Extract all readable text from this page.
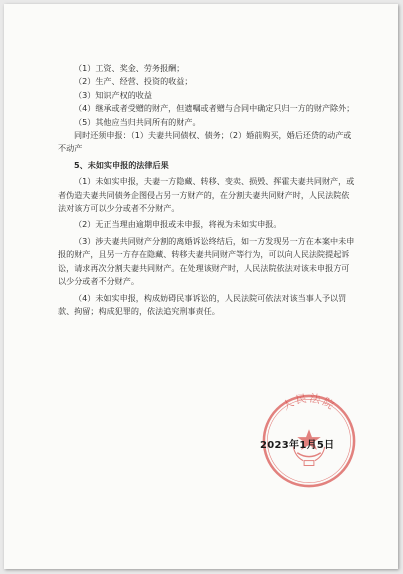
（1）工资、奖金、劳务报酬；

（2）生产、经营、投资的收益；

（3）知识产权的收益

（4）继承或者受赠的财产，但遗嘱或者赠与合同中确定只归一方的财产除外；

（5）其他应当归共同所有的财产。

同时还须申报：（1）夫妻共同债权、债务；（2）婚前购买，婚后还贷的动产或不动产

5、未如实申报的法律后果

（1）未如实申报，夫妻一方隐藏、转移、变卖、损毁、挥霍夫妻共同财产，或者伪造夫妻共同债务企图侵占另一方财产的，在分割夫妻共同财产时，人民法院依法对该方可以少分或者不分财产。

（2）无正当理由逾期申报或未申报，将视为未如实申报。

（3）涉夫妻共同财产分割的离婚诉讼终结后，如一方发现另一方在本案中未申报的财产，且另一方存在隐藏、转移夫妻共同财产等行为，可以向人民法院提起诉讼，请求再次分割夫妻共同财产。在处理该财产时，人民法院依法对该未申报方可以少分或者不分财产。

（4）未如实申报，构成妨碍民事诉讼的，人民法院可依法对该当事人予以罚款、拘留；构成犯罪的，依法追究刑事责任。

人民法院
2023年1月5日
